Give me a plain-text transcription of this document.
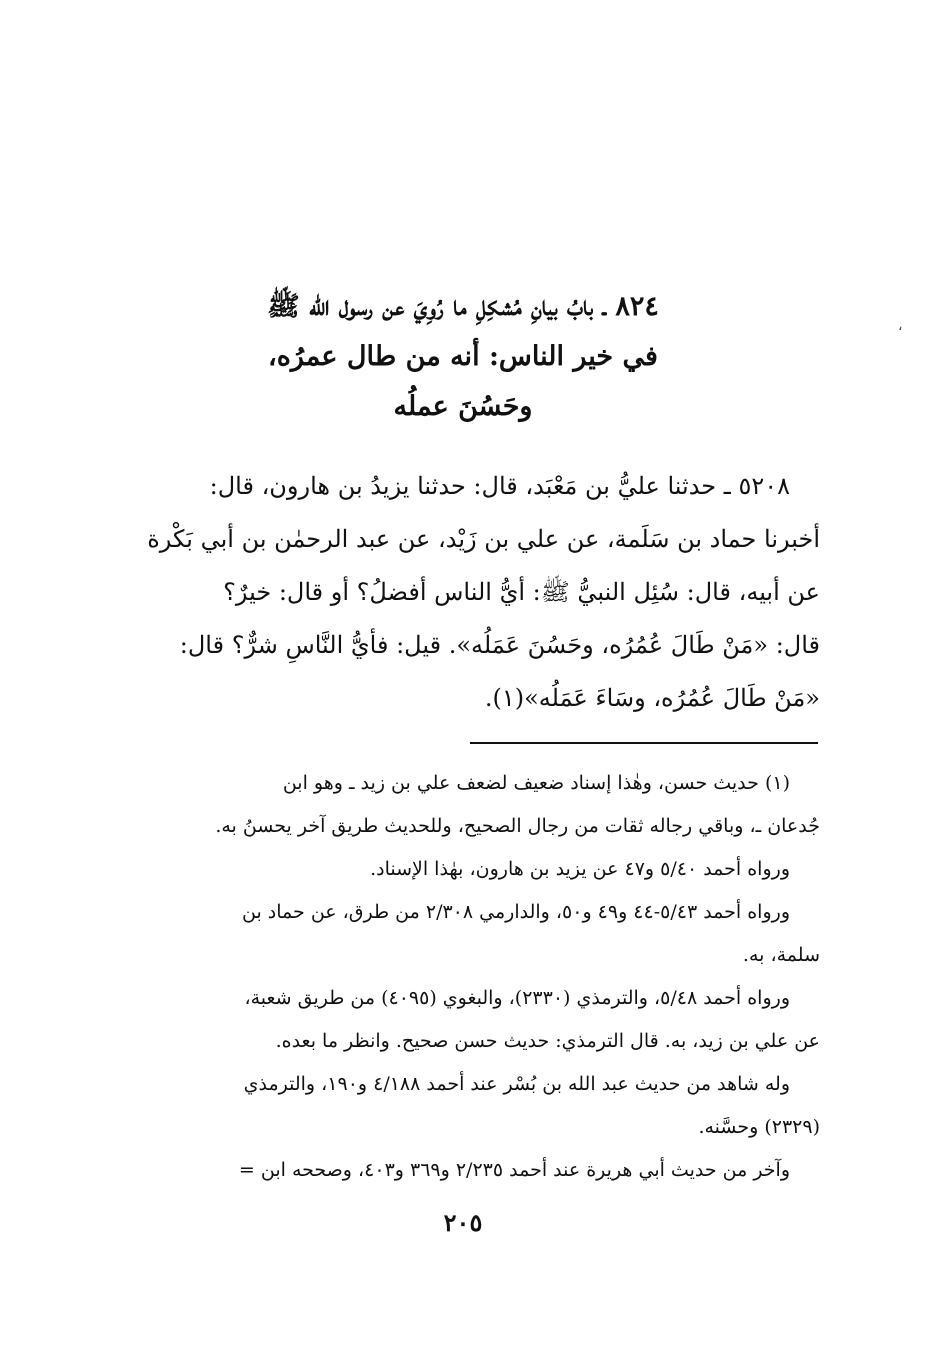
،
٨٢٤ ـ بابُ بيانِ مُشكِلِ ما رُوِيَ عن رسول الله ﷺ
في خير الناس: أنه من طال عمرُه،
وحَسُنَ عملُه
٥٢٠٨ ـ حدثنا عليُّ بن مَعْبَد، قال: حدثنا يزيدُ بن هارون، قال:
أخبرنا حماد بن سَلَمة، عن علي بن زَيْد، عن عبد الرحمٰن بن أبي بَكْرة
عن أبيه، قال: سُئِل النبيُّ ﷺ: أيُّ الناس أفضلُ؟ أو قال: خيرٌ؟
قال: «مَنْ طَالَ عُمُرُه، وحَسُنَ عَمَلُه». قيل: فأيُّ النَّاسِ شرٌّ؟ قال:
«مَنْ طَالَ عُمُرُه، وسَاءَ عَمَلُه»(١).
(١) حديث حسن، وهٰذا إسناد ضعيف لضعف علي بن زيد ـ وهو ابن
جُدعان ـ، وباقي رجاله ثقات من رجال الصحيح، وللحديث طريق آخر يحسنُ به.
ورواه أحمد ٥/٤٠ و٤٧ عن يزيد بن هارون، بهٰذا الإسناد.
ورواه أحمد ٥/٤٣-٤٤ و٤٩ و٥٠، والدارمي ٢/٣٠٨ من طرق، عن حماد بن
سلمة، به.
ورواه أحمد ٥/٤٨، والترمذي (٢٣٣٠)، والبغوي (٤٠٩٥) من طريق شعبة،
عن علي بن زيد، به. قال الترمذي: حديث حسن صحيح. وانظر ما بعده.
وله شاهد من حديث عبد الله بن بُسْر عند أحمد ٤/١٨٨ و١٩٠، والترمذي
(٢٣٢٩) وحسَّنه.
وآخر من حديث أبي هريرة عند أحمد ٢/٢٣٥ و٣٦٩ و٤٠٣، وصححه ابن =
٢٠٥
